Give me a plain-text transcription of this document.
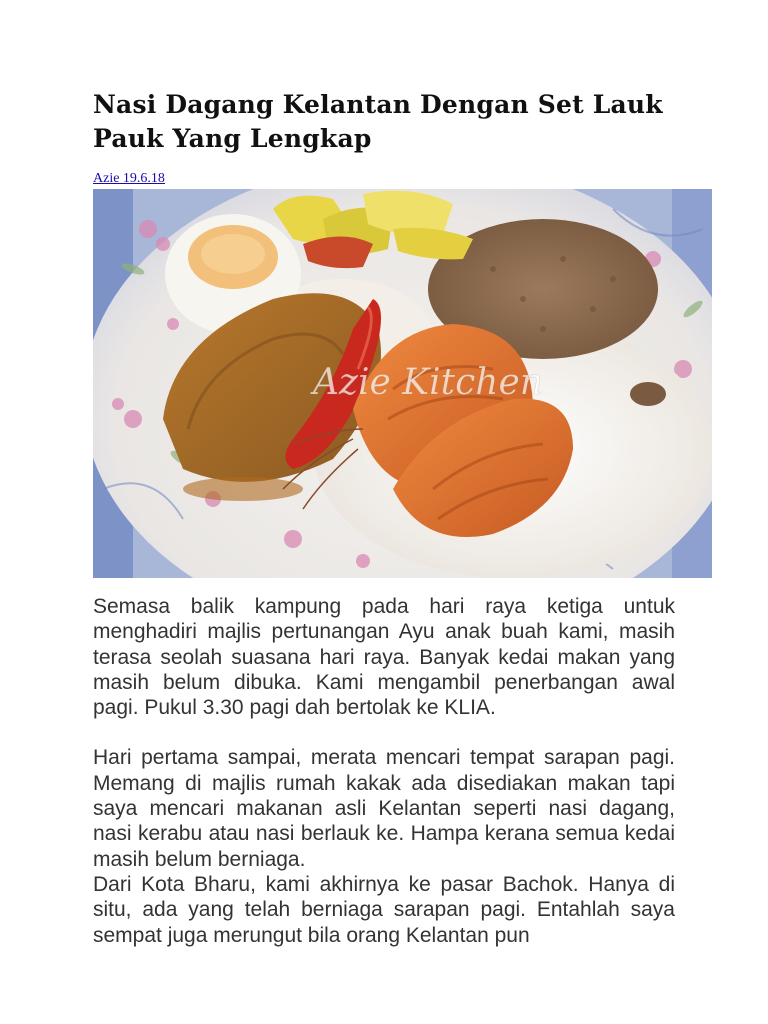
Nasi Dagang Kelantan Dengan Set Lauk Pauk Yang Lengkap
Azie 19.6.18
Azie Kitchen

Semasa balik kampung pada hari raya ketiga untuk menghadiri majlis pertunangan Ayu anak buah kami, masih terasa seolah suasana hari raya. Banyak kedai makan yang masih belum dibuka. Kami mengambil penerbangan awal pagi. Pukul 3.30 pagi dah bertolak ke KLIA.

Hari pertama sampai, merata mencari tempat sarapan pagi. Memang di majlis rumah kakak ada disediakan makan tapi saya mencari makanan asli Kelantan seperti nasi dagang, nasi kerabu atau nasi berlauk ke. Hampa kerana semua kedai masih belum berniaga.

Dari Kota Bharu, kami akhirnya ke pasar Bachok. Hanya di situ, ada yang telah berniaga sarapan pagi. Entahlah saya sempat juga merungut bila orang Kelantan pun
